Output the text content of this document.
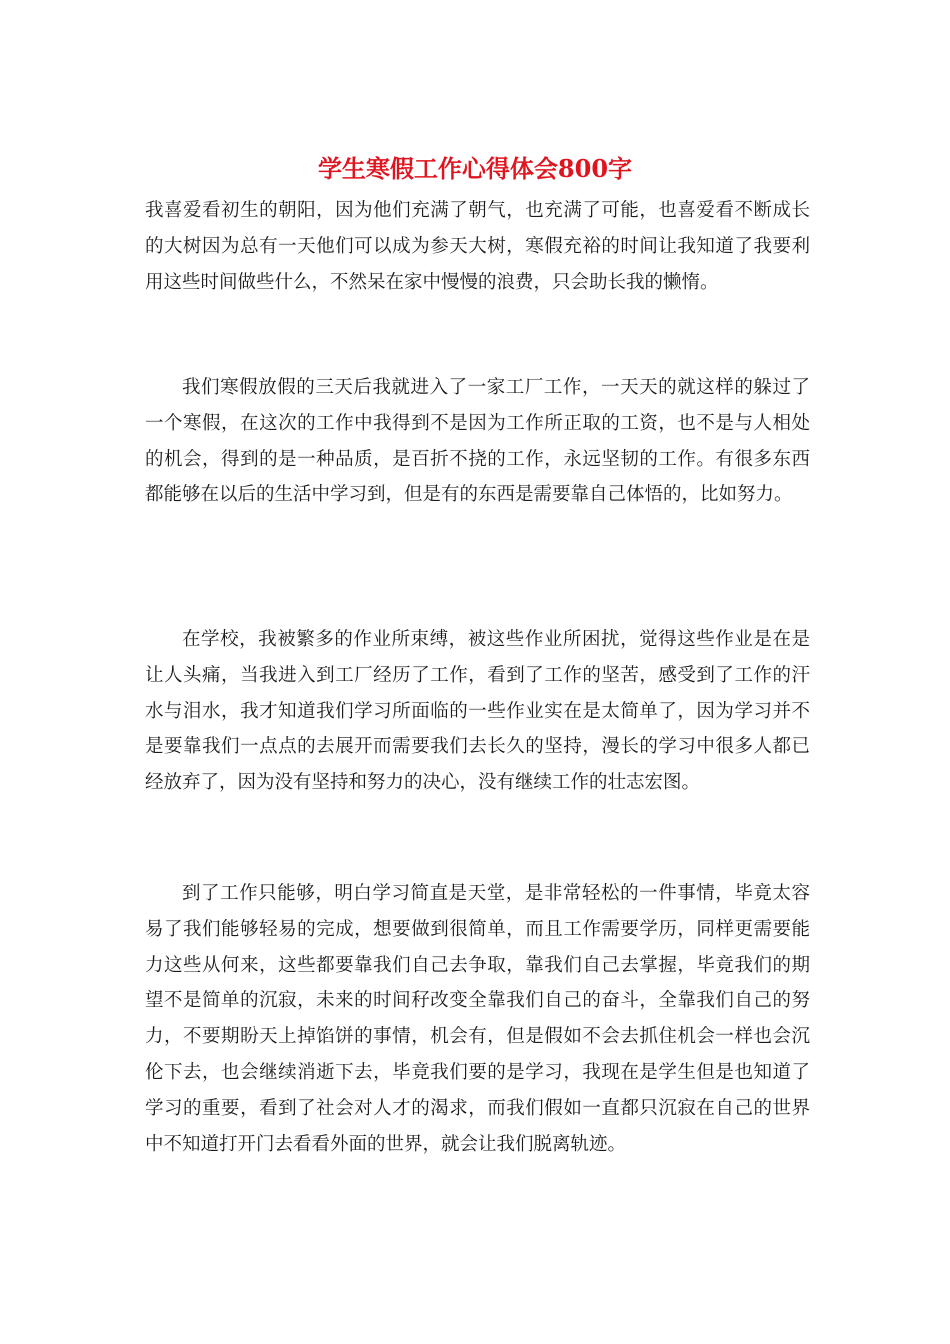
学生寒假工作心得体会800字

我喜爱看初生的朝阳，因为他们充满了朝气，也充满了可能，也喜爱看不断成长的大树因为总有一天他们可以成为参天大树，寒假充裕的时间让我知道了我要利用这些时间做些什么，不然呆在家中慢慢的浪费，只会助长我的懒惰。

我们寒假放假的三天后我就进入了一家工厂工作，一天天的就这样的躲过了一个寒假，在这次的工作中我得到不是因为工作所正取的工资，也不是与人相处的机会，得到的是一种品质，是百折不挠的工作，永远坚韧的工作。有很多东西都能够在以后的生活中学习到，但是有的东西是需要靠自己体悟的，比如努力。

在学校，我被繁多的作业所束缚，被这些作业所困扰，觉得这些作业是在是让人头痛，当我进入到工厂经历了工作，看到了工作的坚苦，感受到了工作的汗水与泪水，我才知道我们学习所面临的一些作业实在是太简单了，因为学习并不是要靠我们一点点的去展开而需要我们去长久的坚持，漫长的学习中很多人都已经放弃了，因为没有坚持和努力的决心，没有继续工作的壮志宏图。

到了工作只能够，明白学习简直是天堂，是非常轻松的一件事情，毕竟太容易了我们能够轻易的完成，想要做到很简单，而且工作需要学历，同样更需要能力这些从何来，这些都要靠我们自己去争取，靠我们自己去掌握，毕竟我们的期望不是简单的沉寂，未来的时间秄改变全靠我们自己的奋斗，全靠我们自己的努力，不要期盼天上掉馅饼的事情，机会有，但是假如不会去抓住机会一样也会沉伦下去，也会继续消逝下去，毕竟我们要的是学习，我现在是学生但是也知道了学习的重要，看到了社会对人才的渴求，而我们假如一直都只沉寂在自己的世界中不知道打开门去看看外面的世界，就会让我们脱离轨迹。
